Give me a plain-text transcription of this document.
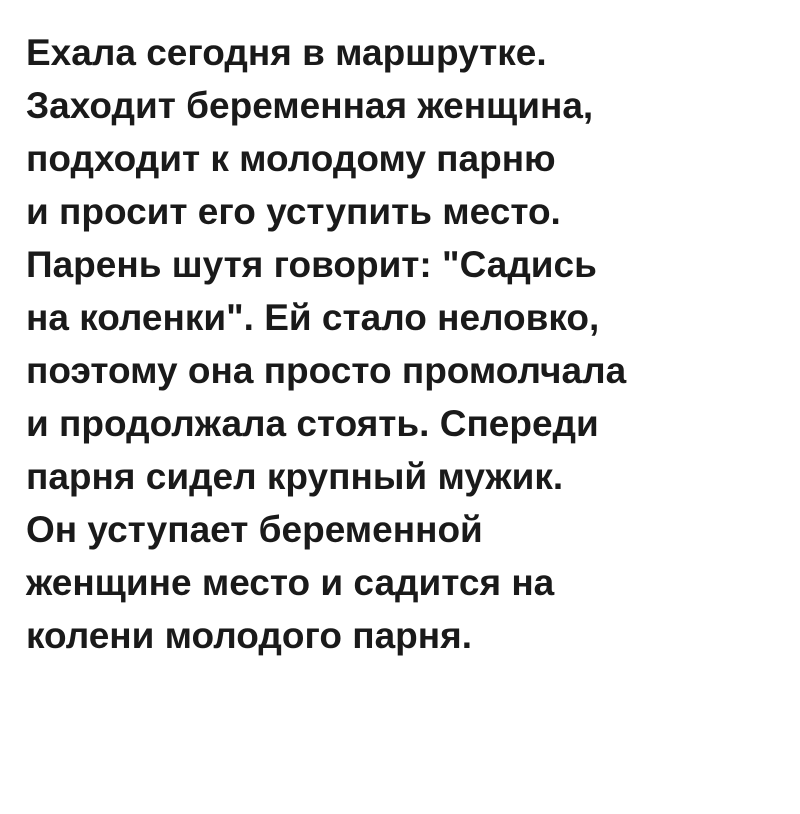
Ехала сегодня в маршрутке.
Заходит беременная женщина,
подходит к молодому парню
и просит его уступить место.
Парень шутя говорит: "Садись
на коленки". Ей стало неловко,
поэтому она просто промолчала
и продолжала стоять. Спереди
парня сидел крупный мужик.
Он уступает беременной
женщине место и садится на
колени молодого парня.
